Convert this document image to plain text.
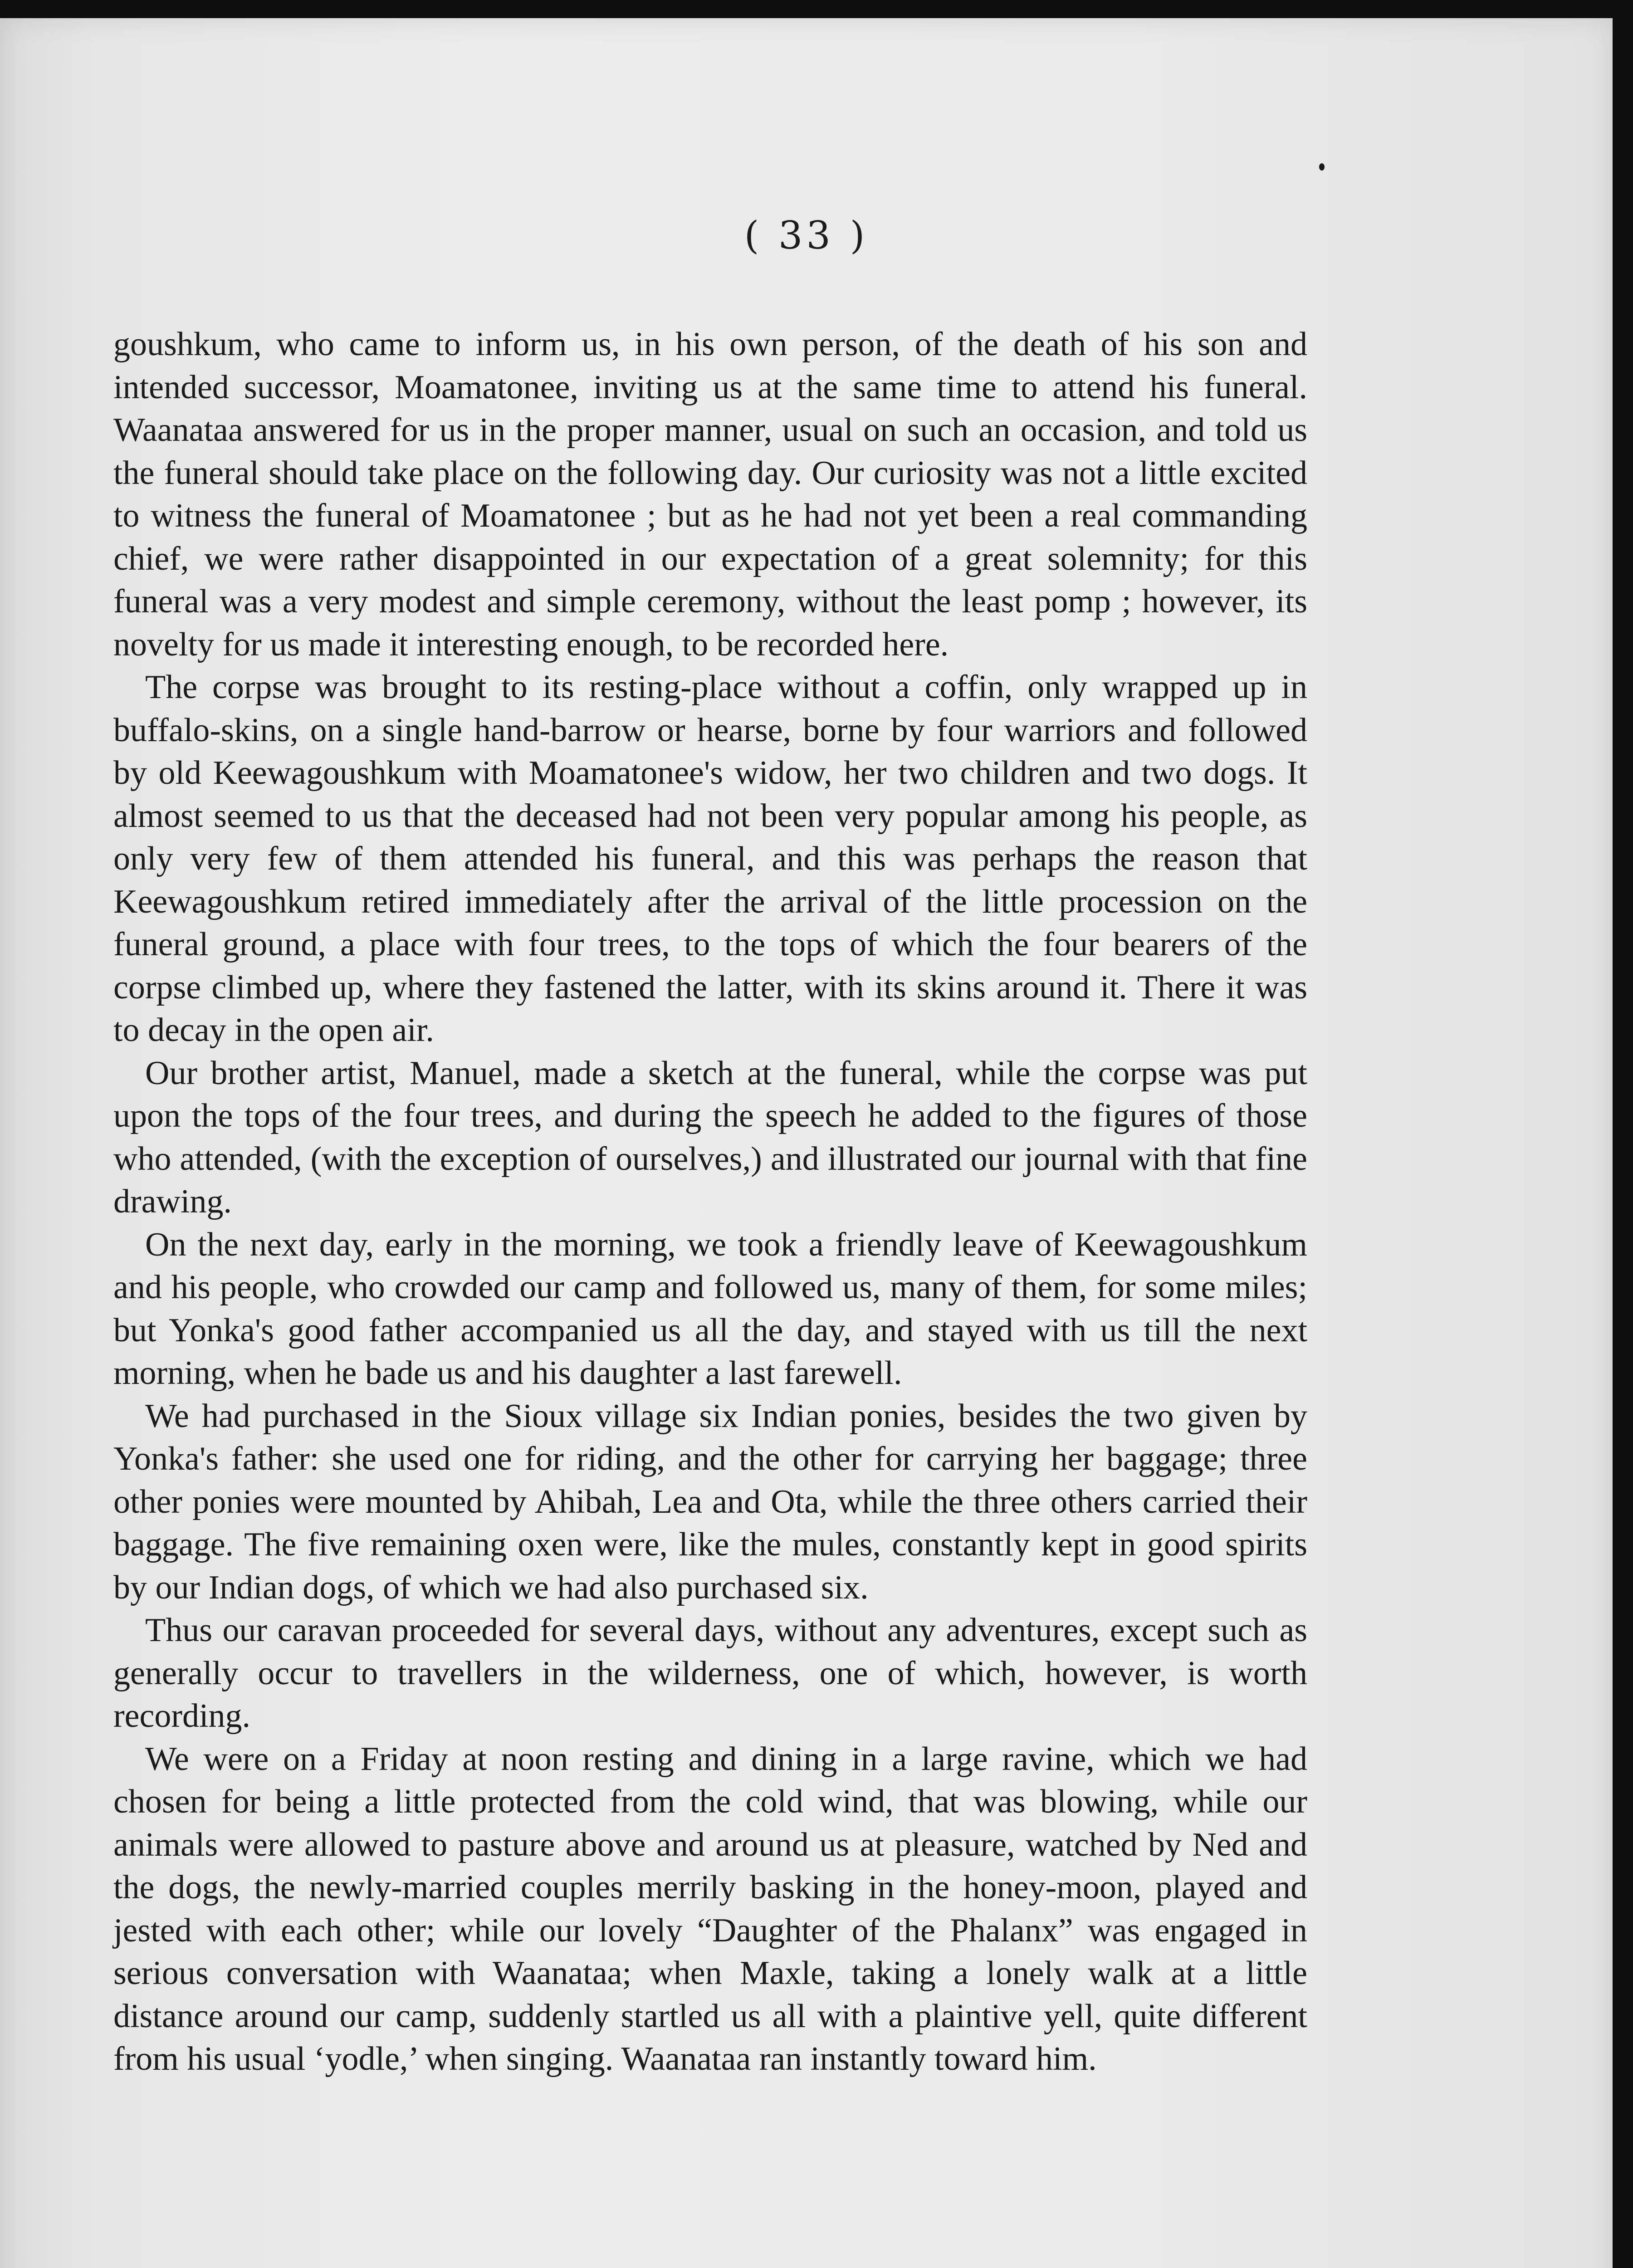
( 33 )

goushkum, who came to inform us, in his own person, of the death of his son and intended successor, Moamatonee, inviting us at the same time to attend his funeral. Waanataa answered for us in the proper manner, usual on such an occasion, and told us the funeral should take place on the following day. Our curiosity was not a little excited to witness the funeral of Moamatonee ; but as he had not yet been a real commanding chief, we were rather disappointed in our expectation of a great solemnity; for this funeral was a very modest and simple ceremony, without the least pomp ; however, its novelty for us made it interesting enough, to be recorded here.

The corpse was brought to its resting-place without a coffin, only wrapped up in buffalo-skins, on a single hand-barrow or hearse, borne by four warriors and followed by old Keewagoushkum with Moamatonee's widow, her two children and two dogs. It almost seemed to us that the deceased had not been very popular among his people, as only very few of them attended his funeral, and this was perhaps the reason that Keewagoushkum retired immediately after the arrival of the little procession on the funeral ground, a place with four trees, to the tops of which the four bearers of the corpse climbed up, where they fastened the latter, with its skins around it. There it was to decay in the open air.

Our brother artist, Manuel, made a sketch at the funeral, while the corpse was put upon the tops of the four trees, and during the speech he added to the figures of those who attended, (with the exception of ourselves,) and illustrated our journal with that fine drawing.

On the next day, early in the morning, we took a friendly leave of Keewagoushkum and his people, who crowded our camp and followed us, many of them, for some miles; but Yonka's good father accompanied us all the day, and stayed with us till the next morning, when he bade us and his daughter a last farewell.

We had purchased in the Sioux village six Indian ponies, besides the two given by Yonka's father: she used one for riding, and the other for carrying her baggage; three other ponies were mounted by Ahibah, Lea and Ota, while the three others carried their baggage. The five remaining oxen were, like the mules, constantly kept in good spirits by our Indian dogs, of which we had also purchased six.

Thus our caravan proceeded for several days, without any adventures, except such as generally occur to travellers in the wilderness, one of which, however, is worth recording.

We were on a Friday at noon resting and dining in a large ravine, which we had chosen for being a little protected from the cold wind, that was blowing, while our animals were allowed to pasture above and around us at pleasure, watched by Ned and the dogs, the newly-married couples merrily basking in the honey-moon, played and jested with each other; while our lovely “Daughter of the Phalanx” was engaged in serious conversation with Waanataa; when Maxle, taking a lonely walk at a little distance around our camp, suddenly startled us all with a plaintive yell, quite different from his usual ‘yodle,’ when singing. Waanataa ran instantly toward him.
